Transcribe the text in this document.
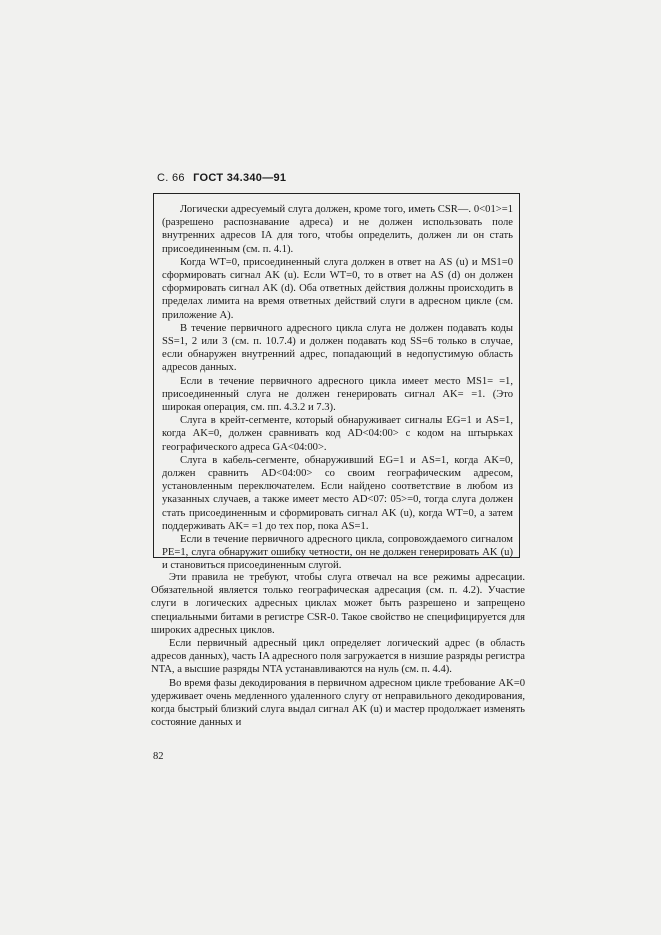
С. 66 ГОСТ 34.340—91

Логически адресуемый слуга должен, кроме того, иметь CSR—. 0<01>=1 (разрешено распознавание адреса) и не должен использовать поле внутренних адресов IA для того, чтобы определить, должен ли он стать присоединенным (см. п. 4.1).

Когда WT=0, присоединенный слуга должен в ответ на AS (u) и MS1=0 сформировать сигнал AK (u). Если WT=0, то в ответ на AS (d) он должен сформировать сигнал AK (d). Оба ответных действия должны происходить в пределах лимита на время ответных действий слуги в адресном цикле (см. приложение А).

В течение первичного адресного цикла слуга не должен подавать коды SS=1, 2 или 3 (см. п. 10.7.4) и должен подавать код SS=6 только в случае, если обнаружен внутренний адрес, попадающий в недопустимую область адресов данных.

Если в течение первичного адресного цикла имеет место MS1= =1, присоединенный слуга не должен генерировать сигнал AK= =1. (Это широкая операция, см. пп. 4.3.2 и 7.3).

Слуга в крейт-сегменте, который обнаруживает сигналы EG=1 и AS=1, когда AK=0, должен сравнивать код AD<04:00> с кодом на штырьках географического адреса GA<04:00>.

Слуга в кабель-сегменте, обнаруживший EG=1 и AS=1, когда AK=0, должен сравнить AD<04:00> со своим географическим адресом, установленным переключателем. Если найдено соответствие в любом из указанных случаев, а также имеет место AD<07: 05>=0, тогда слуга должен стать присоединенным и сформировать сигнал AK (u), когда WT=0, а затем поддерживать AK= =1 до тех пор, пока AS=1.

Если в течение первичного адресного цикла, сопровождаемого сигналом PE=1, слуга обнаружит ошибку четности, он не должен генерировать AK (u) и становиться присоединенным слугой.

Эти правила не требуют, чтобы слуга отвечал на все режимы адресации. Обязательной является только географическая адресация (см. п. 4.2). Участие слуги в логических адресных циклах может быть разрешено и запрещено специальными битами в регистре CSR-0. Такое свойство не специфицируется для широких адресных циклов.

Если первичный адресный цикл определяет логический адрес (в область адресов данных), часть IA адресного поля загружается в низшие разряды регистра NTA, а высшие разряды NTA устанавливаются на нуль (см. п. 4.4).

Во время фазы декодирования в первичном адресном цикле требование AK=0 удерживает очень медленного удаленного слугу от неправильного декодирования, когда быстрый близкий слуга выдал сигнал AK (u) и мастер продолжает изменять состояние данных и

82
